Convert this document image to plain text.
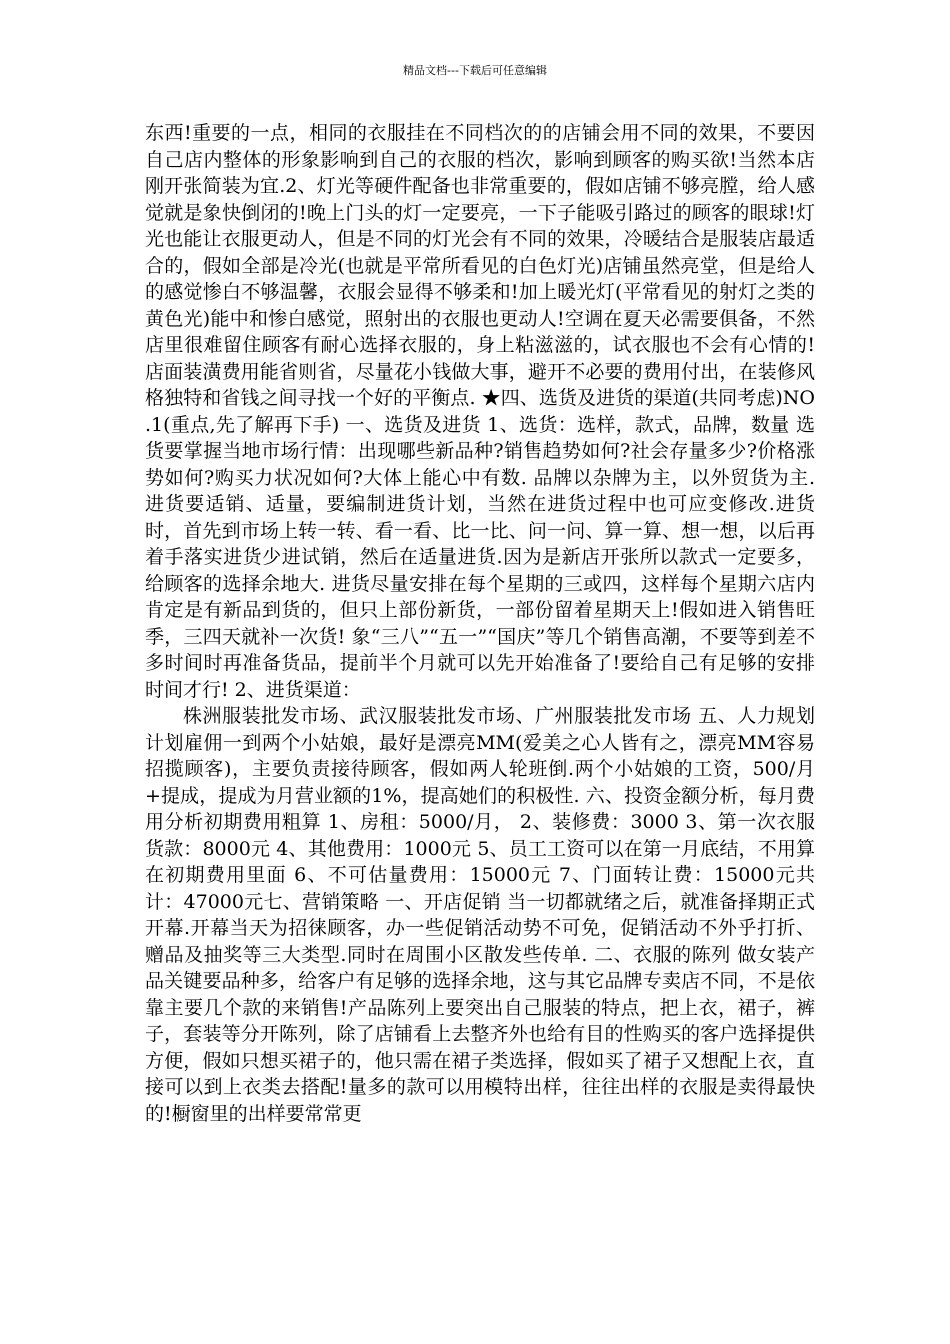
精品文档---下载后可任意编辑

东西!重要的一点，相同的衣服挂在不同档次的的店铺会用不同的效果，不要因自己店内整体的形象影响到自己的衣服的档次，影响到顾客的购买欲!当然本店刚开张简装为宜.2、灯光等硬件配备也非常重要的，假如店铺不够亮膛，给人感觉就是象快倒闭的!晚上门头的灯一定要亮，一下子能吸引路过的顾客的眼球!灯光也能让衣服更动人，但是不同的灯光会有不同的效果，冷暖结合是服装店最适合的，假如全部是冷光(也就是平常所看见的白色灯光)店铺虽然亮堂，但是给人的感觉惨白不够温馨，衣服会显得不够柔和!加上暖光灯(平常看见的射灯之类的黄色光)能中和惨白感觉，照射出的衣服也更动人!空调在夏天必需要俱备，不然店里很难留住顾客有耐心选择衣服的，身上粘滋滋的，试衣服也不会有心情的! 店面装潢费用能省则省，尽量花小钱做大事，避开不必要的费用付出，在装修风格独特和省钱之间寻找一个好的平衡点. ★四、选货及进货的渠道(共同考虑)NO .1(重点,先了解再下手) 一、选货及进货 1、选货：选样，款式，品牌，数量 选货要掌握当地市场行情：出现哪些新品种?销售趋势如何?社会存量多少?价格涨势如何?购买力状况如何?大体上能心中有数. 品牌以杂牌为主，以外贸货为主. 进货要适销、适量，要编制进货计划，当然在进货过程中也可应变修改.进货时，首先到市场上转一转、看一看、比一比、问一问、算一算、想一想，以后再着手落实进货少进试销，然后在适量进货.因为是新店开张所以款式一定要多，给顾客的选择余地大. 进货尽量安排在每个星期的三或四，这样每个星期六店内肯定是有新品到货的，但只上部份新货，一部份留着星期天上!假如进入销售旺季，三四天就补一次货! 象“三八”“五一”“国庆”等几个销售高潮，不要等到差不多时间时再准备货品，提前半个月就可以先开始准备了!要给自己有足够的安排时间才行! 2、进货渠道：

株洲服装批发市场、武汉服装批发市场、广州服装批发市场 五、人力规划 计划雇佣一到两个小姑娘，最好是漂亮MM(爱美之心人皆有之，漂亮MM容易招揽顾客)，主要负责接待顾客，假如两人轮班倒.两个小姑娘的工资，500/月+提成，提成为月营业额的1%，提高她们的积极性. 六、投资金额分析，每月费用分析初期费用粗算 1、房租：5000/月， 2、装修费：3000 3、第一次衣服货款：8000元 4、其他费用：1000元 5、员工工资可以在第一月底结，不用算在初期费用里面 6、不可估量费用：15000元 7、门面转让费：15000元共计：47000元七、营销策略 一、开店促销 当一切都就绪之后，就准备择期正式开幕.开幕当天为招徕顾客，办一些促销活动势不可免，促销活动不外乎打折、赠品及抽奖等三大类型.同时在周围小区散发些传单. 二、衣服的陈列 做女装产品关键要品种多，给客户有足够的选择余地，这与其它品牌专卖店不同，不是依靠主要几个款的来销售!产品陈列上要突出自己服装的特点，把上衣，裙子，裤子，套装等分开陈列，除了店铺看上去整齐外也给有目的性购买的客户选择提供方便，假如只想买裙子的，他只需在裙子类选择，假如买了裙子又想配上衣，直接可以到上衣类去搭配!量多的款可以用模特出样，往往出样的衣服是卖得最快的!橱窗里的出样要常常更
